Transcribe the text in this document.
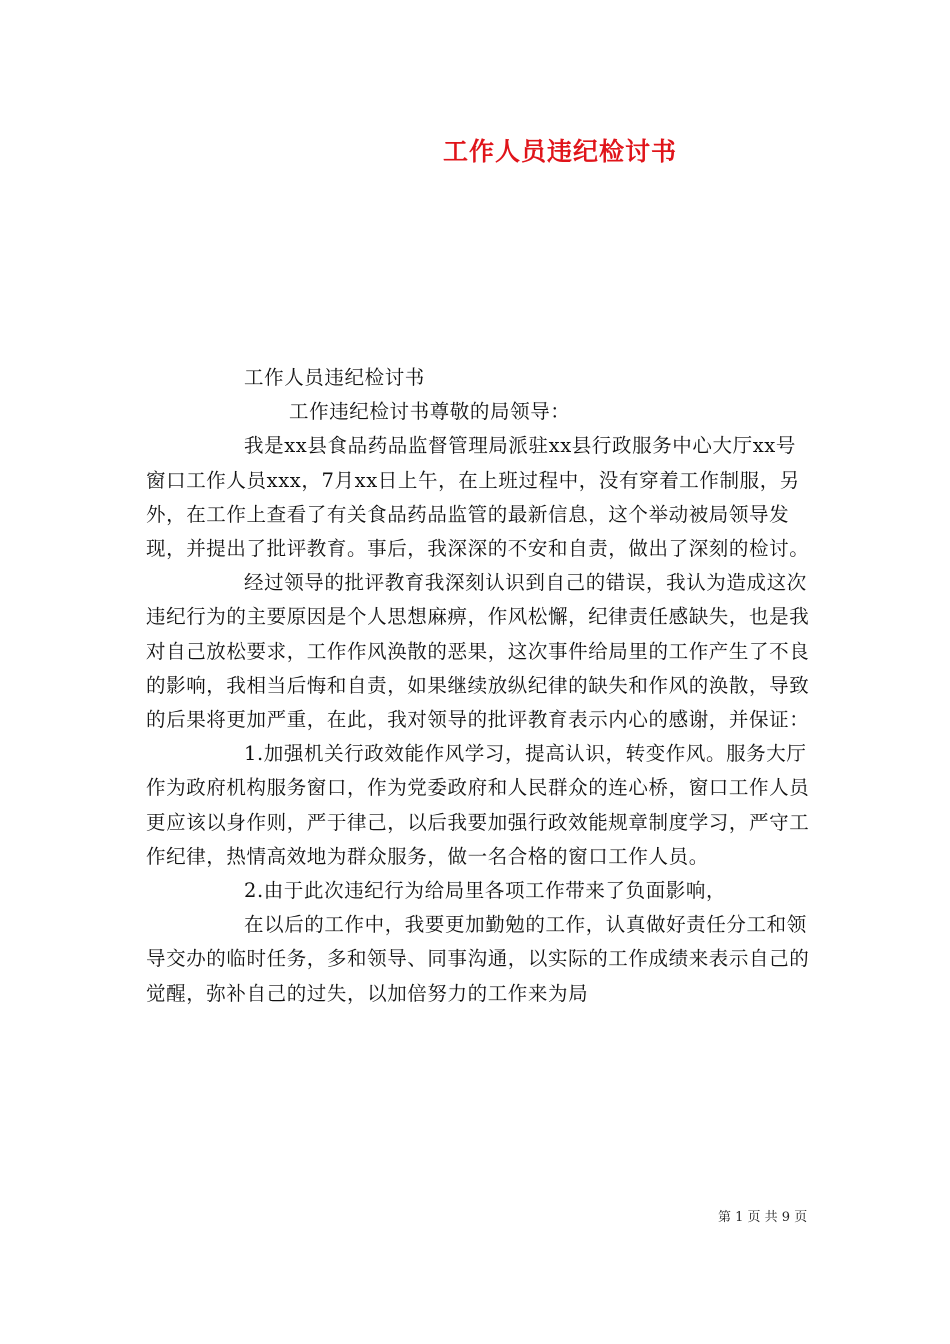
工作人员违纪检讨书

工作人员违纪检讨书

工作违纪检讨书尊敬的局领导：

我是xx县食品药品监督管理局派驻xx县行政服务中心大厅xx号窗口工作人员xxx，7月xx日上午，在上班过程中，没有穿着工作制服，另外，在工作上查看了有关食品药品监管的最新信息，这个举动被局领导发现，并提出了批评教育。事后，我深深的不安和自责，做出了深刻的检讨。

经过领导的批评教育我深刻认识到自己的错误，我认为造成这次违纪行为的主要原因是个人思想麻痹，作风松懈，纪律责任感缺失，也是我对自己放松要求，工作作风涣散的恶果，这次事件给局里的工作产生了不良的影响，我相当后悔和自责，如果继续放纵纪律的缺失和作风的涣散，导致的后果将更加严重，在此，我对领导的批评教育表示内心的感谢，并保证：

1.加强机关行政效能作风学习，提高认识，转变作风。服务大厅作为政府机构服务窗口，作为党委政府和人民群众的连心桥，窗口工作人员更应该以身作则，严于律己，以后我要加强行政效能规章制度学习，严守工作纪律，热情高效地为群众服务，做一名合格的窗口工作人员。

2.由于此次违纪行为给局里各项工作带来了负面影响，

在以后的工作中，我要更加勤勉的工作，认真做好责任分工和领导交办的临时任务，多和领导、同事沟通，以实际的工作成绩来表示自己的觉醒，弥补自己的过失，以加倍努力的工作来为局

第 1 页 共 9 页
